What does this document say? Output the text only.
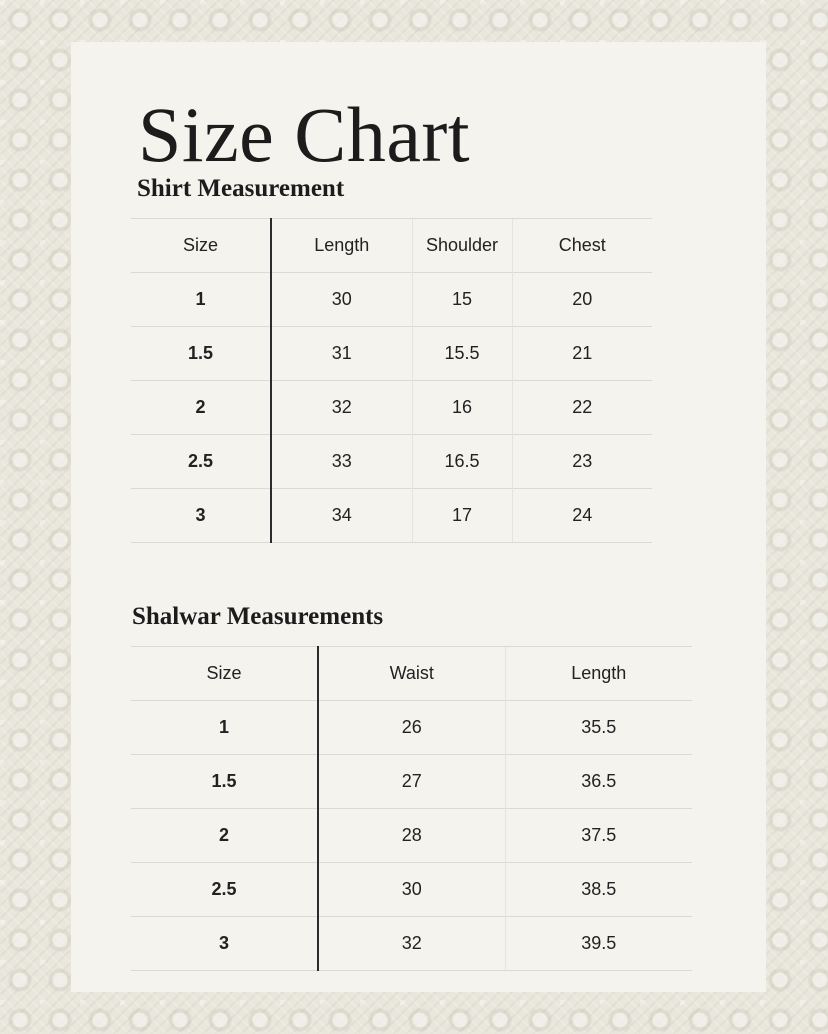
Size Chart
Shirt Measurement
Size	Length	Shoulder	Chest
1	30	15	20
1.5	31	15.5	21
2	32	16	22
2.5	33	16.5	23
3	34	17	24
Shalwar Measurements
Size	Waist	Length
1	26	35.5
1.5	27	36.5
2	28	37.5
2.5	30	38.5
3	32	39.5
